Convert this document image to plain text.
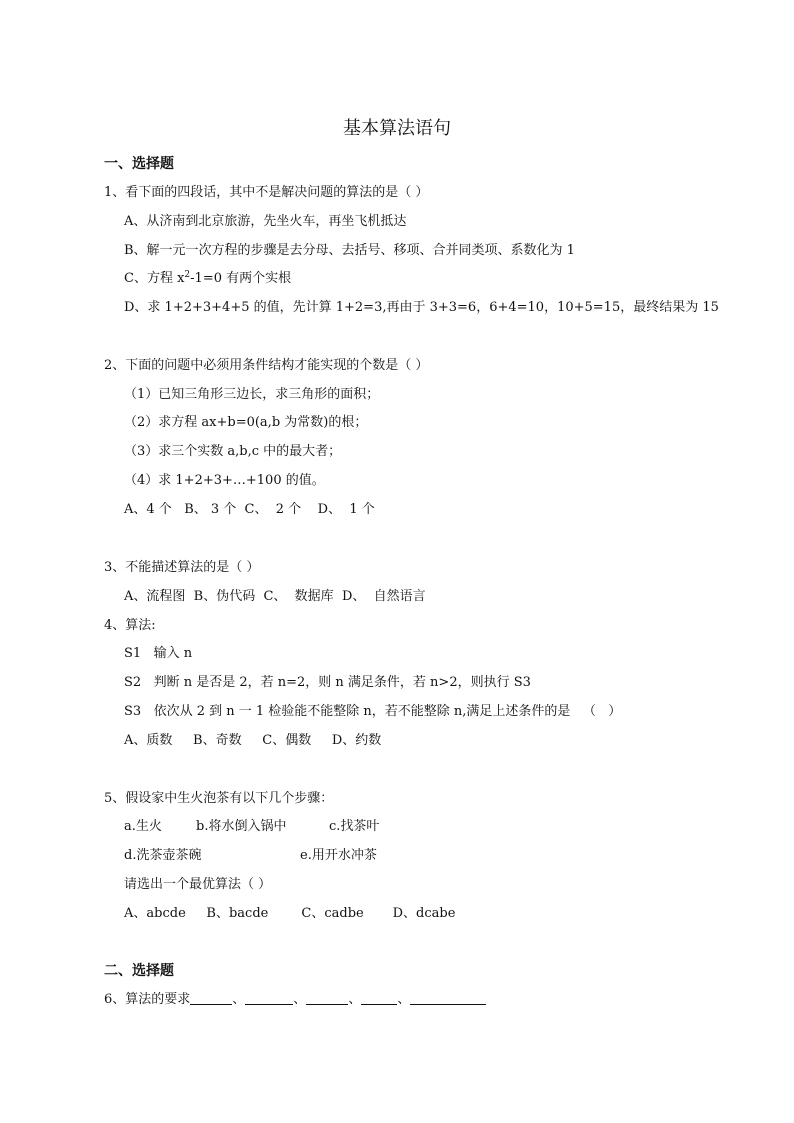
基本算法语句
一、选择题
1、看下面的四段话，其中不是解决问题的算法的是（ ）
A、从济南到北京旅游，先坐火车，再坐飞机抵达
B、解一元一次方程的步骤是去分母、去括号、移项、合并同类项、系数化为 1
C、方程 $x^2-1=0$ 有两个实根
D、求 1+2+3+4+5 的值，先计算 1+2=3,再由于 3+3=6，6+4=10，10+5=15，最终结果为 15
2、下面的问题中必须用条件结构才能实现的个数是（ ）
（1）已知三角形三边长，求三角形的面积；
（2）求方程 ax+b=0(a,b 为常数)的根；
（3）求三个实数 a,b,c 中的最大者；
（4）求 1+2+3+…+100 的值。
A、4 个   B、 3 个  C、  2 个    D、  1 个
3、不能描述算法的是（ ）
A、流程图  B、伪代码  C、  数据库  D、  自然语言
4、算法:
S1   输入 n
S2   判断 n 是否是 2，若 n=2，则 n 满足条件，若 n>2，则执行 S3
S3   依次从 2 到 n 一 1 检验能不能整除 n，若不能整除 n,满足上述条件的是   （   ）
A、质数     B、奇数     C、偶数     D、约数
5、假设家中生火泡茶有以下几个步骤：
a.生火	b.将水倒入锅中	c.找茶叶
d.洗茶壶茶碗	e.用开水冲茶
请选出一个最优算法（ ）
A、abcde     B、bacde        C、cadbe       D、dcabe
二、选择题
6、算法的要求	、	、	、	、
